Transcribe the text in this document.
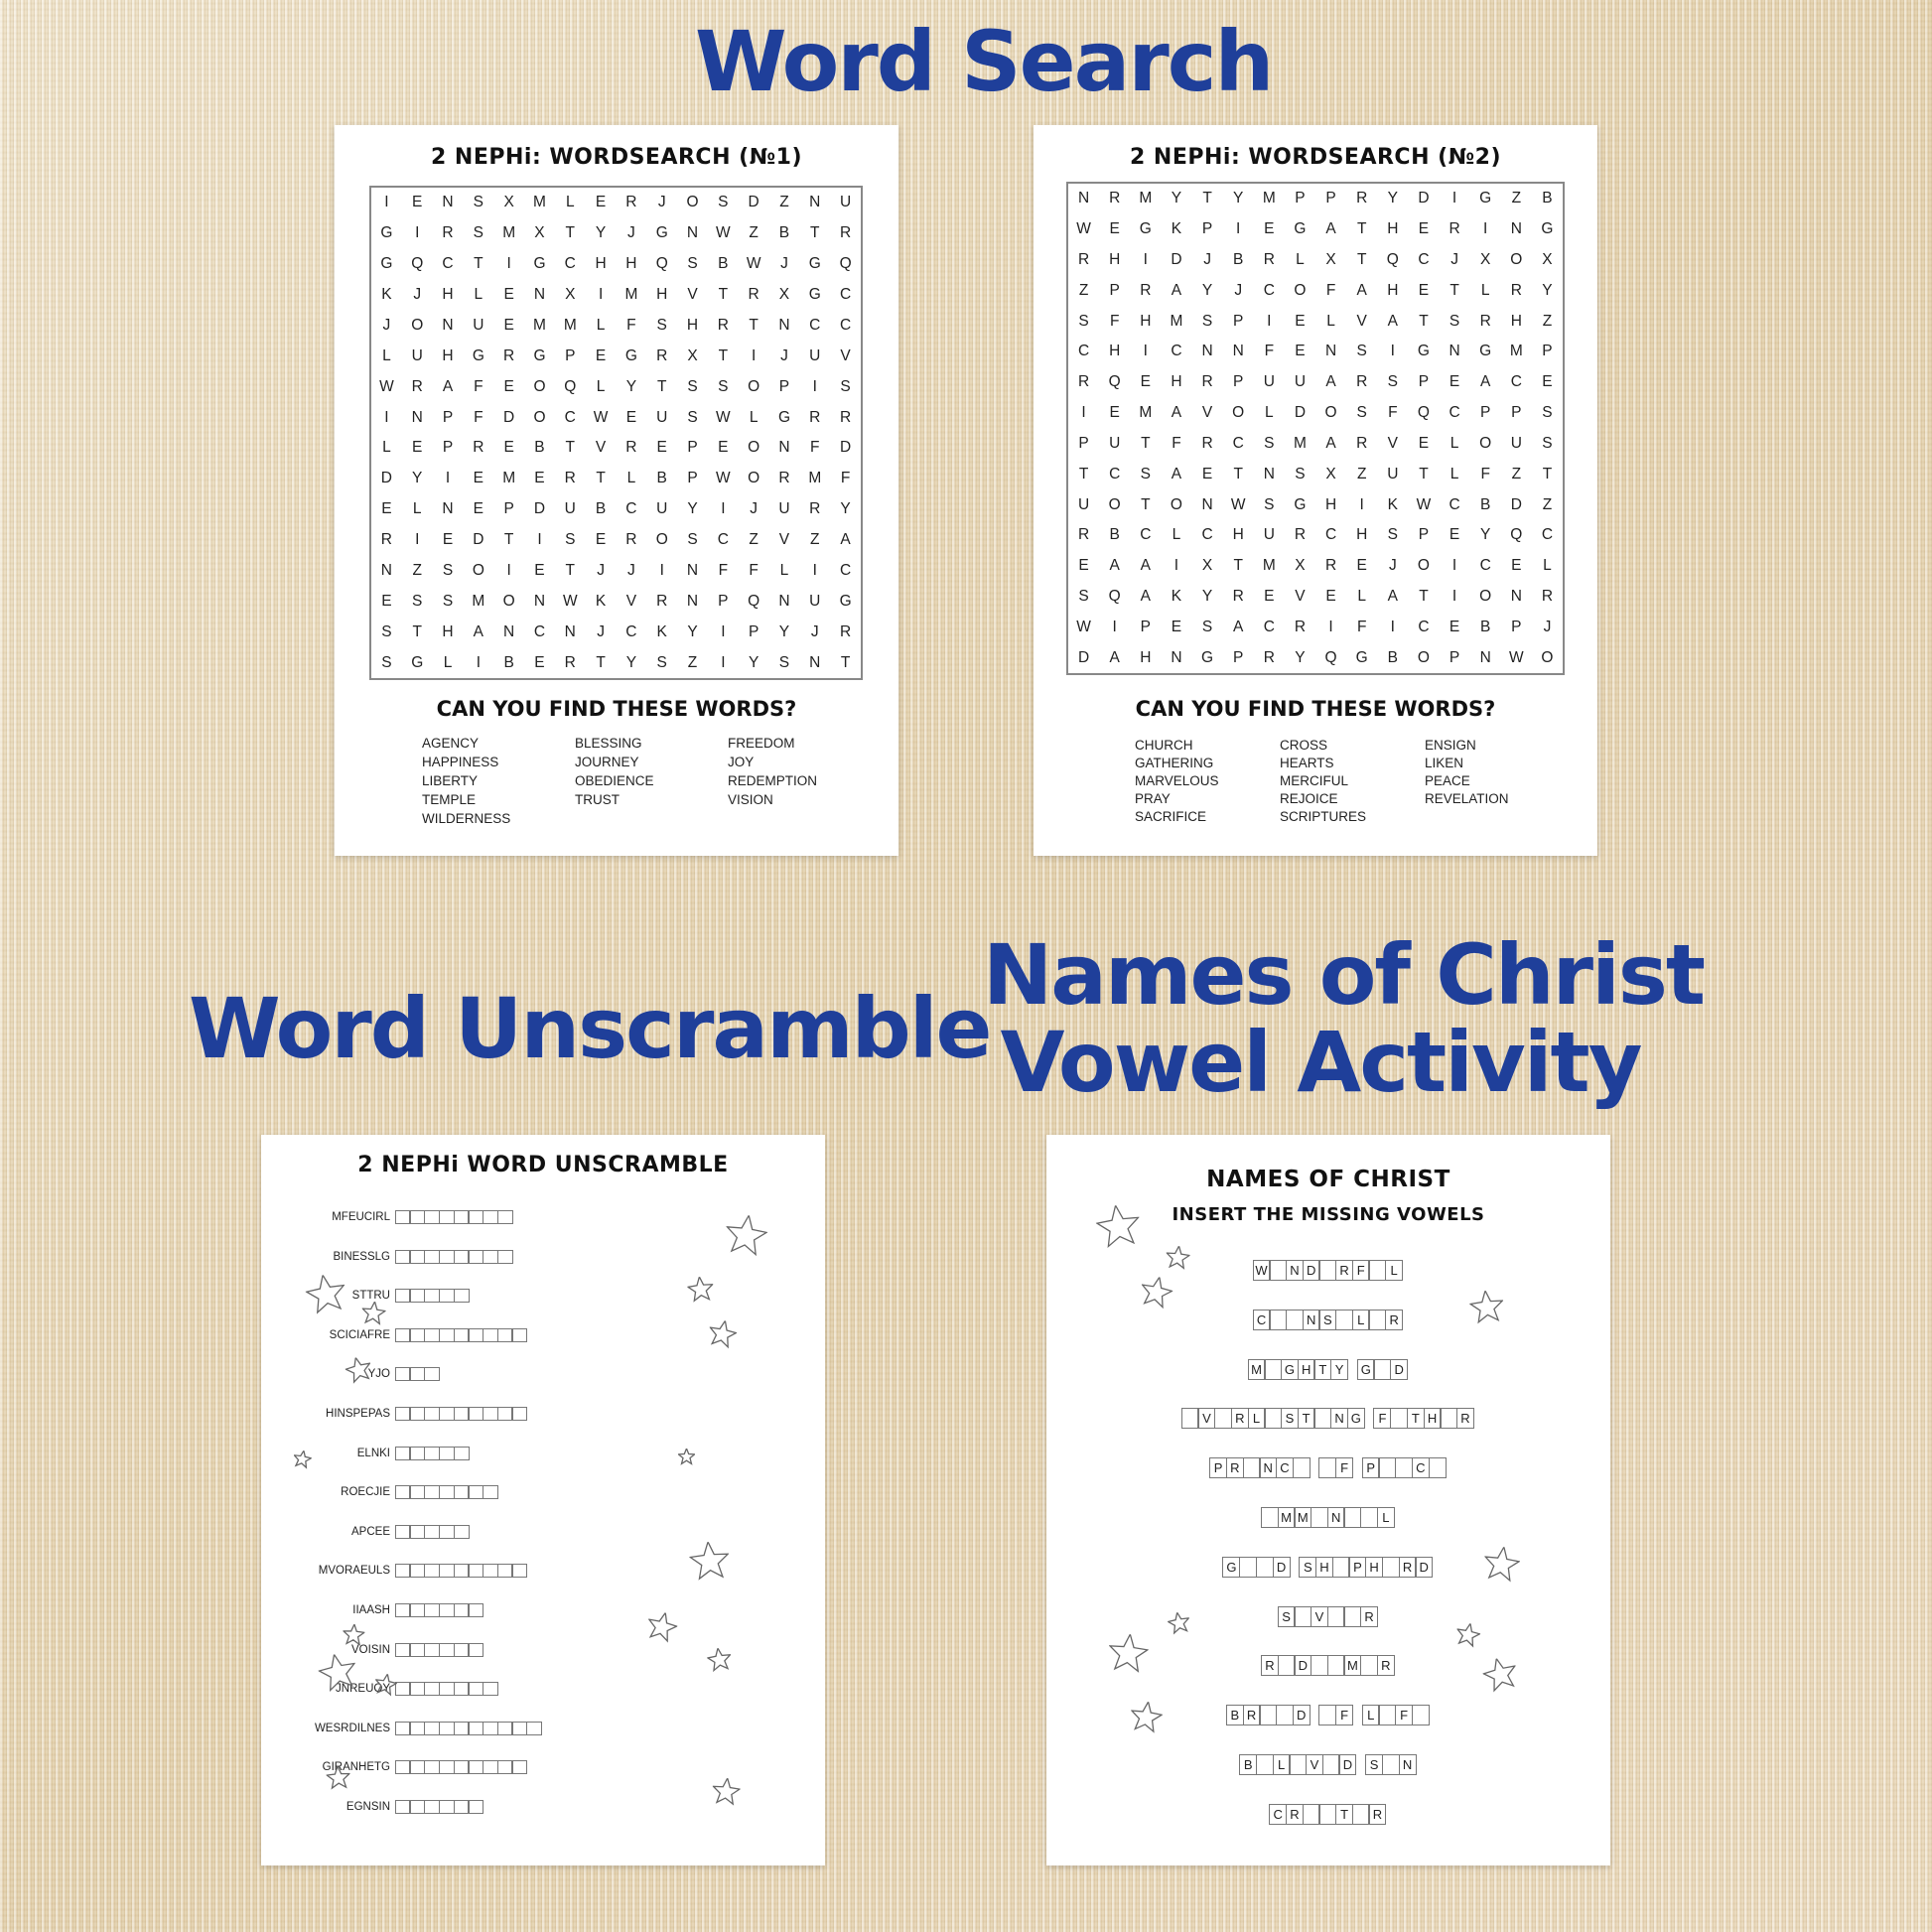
Word Search
Word Unscramble
Names of Christ
Vowel Activity
2 NEPHi: WORDSEARCH (№1)
I	E	N	S	X	M	L	E	R	J	O	S	D	Z	N	U
G	I	R	S	M	X	T	Y	J	G	N	W	Z	B	T	R
G	Q	C	T	I	G	C	H	H	Q	S	B	W	J	G	Q
K	J	H	L	E	N	X	I	M	H	V	T	R	X	G	C
J	O	N	U	E	M	M	L	F	S	H	R	T	N	C	C
L	U	H	G	R	G	P	E	G	R	X	T	I	J	U	V
W	R	A	F	E	O	Q	L	Y	T	S	S	O	P	I	S
I	N	P	F	D	O	C	W	E	U	S	W	L	G	R	R
L	E	P	R	E	B	T	V	R	E	P	E	O	N	F	D
D	Y	I	E	M	E	R	T	L	B	P	W	O	R	M	F
E	L	N	E	P	D	U	B	C	U	Y	I	J	U	R	Y
R	I	E	D	T	I	S	E	R	O	S	C	Z	V	Z	A
N	Z	S	O	I	E	T	J	J	I	N	F	F	L	I	C
E	S	S	M	O	N	W	K	V	R	N	P	Q	N	U	G
S	T	H	A	N	C	N	J	C	K	Y	I	P	Y	J	R
S	G	L	I	B	E	R	T	Y	S	Z	I	Y	S	N	T
CAN YOU FIND THESE WORDS?
AGENCY
HAPPINESS
LIBERTY
TEMPLE
WILDERNESS
BLESSING
JOURNEY
OBEDIENCE
TRUST
FREEDOM
JOY
REDEMPTION
VISION
2 NEPHi: WORDSEARCH (№2)
N	R	M	Y	T	Y	M	P	P	R	Y	D	I	G	Z	B
W	E	G	K	P	I	E	G	A	T	H	E	R	I	N	G
R	H	I	D	J	B	R	L	X	T	Q	C	J	X	O	X
Z	P	R	A	Y	J	C	O	F	A	H	E	T	L	R	Y
S	F	H	M	S	P	I	E	L	V	A	T	S	R	H	Z
C	H	I	C	N	N	F	E	N	S	I	G	N	G	M	P
R	Q	E	H	R	P	U	U	A	R	S	P	E	A	C	E
I	E	M	A	V	O	L	D	O	S	F	Q	C	P	P	S
P	U	T	F	R	C	S	M	A	R	V	E	L	O	U	S
T	C	S	A	E	T	N	S	X	Z	U	T	L	F	Z	T
U	O	T	O	N	W	S	G	H	I	K	W	C	B	D	Z
R	B	C	L	C	H	U	R	C	H	S	P	E	Y	Q	C
E	A	A	I	X	T	M	X	R	E	J	O	I	C	E	L
S	Q	A	K	Y	R	E	V	E	L	A	T	I	O	N	R
W	I	P	E	S	A	C	R	I	F	I	C	E	B	P	J
D	A	H	N	G	P	R	Y	Q	G	B	O	P	N	W	O
CAN YOU FIND THESE WORDS?
CHURCH
GATHERING
MARVELOUS
PRAY
SACRIFICE
CROSS
HEARTS
MERCIFUL
REJOICE
SCRIPTURES
ENSIGN
LIKEN
PEACE
REVELATION
2 NEPHi WORD UNSCRAMBLE
MFEUCIRL
BINESSLG
STTRU
SCICIAFRE
YJO
HINSPEPAS
ELNKI
ROECJIE
APCEE
MVORAEULS
IIAASH
VOISIN
JNREUOY
WESRDILNES
GIRANHETG
EGNSIN
NAMES OF CHRIST
INSERT THE MISSING VOWELS
W	N D	R F	L
C	N S	L	R
M	G H T Y	G	D
V	R L	S T	N G	F	T H	R
P R	N C	F	P	C
M M	N	L
G	D	S H	P H	R D
S	V	R
R	D	M	R
B R	D	F	L	F
B	L	V	D	S	N
C R	T	R
